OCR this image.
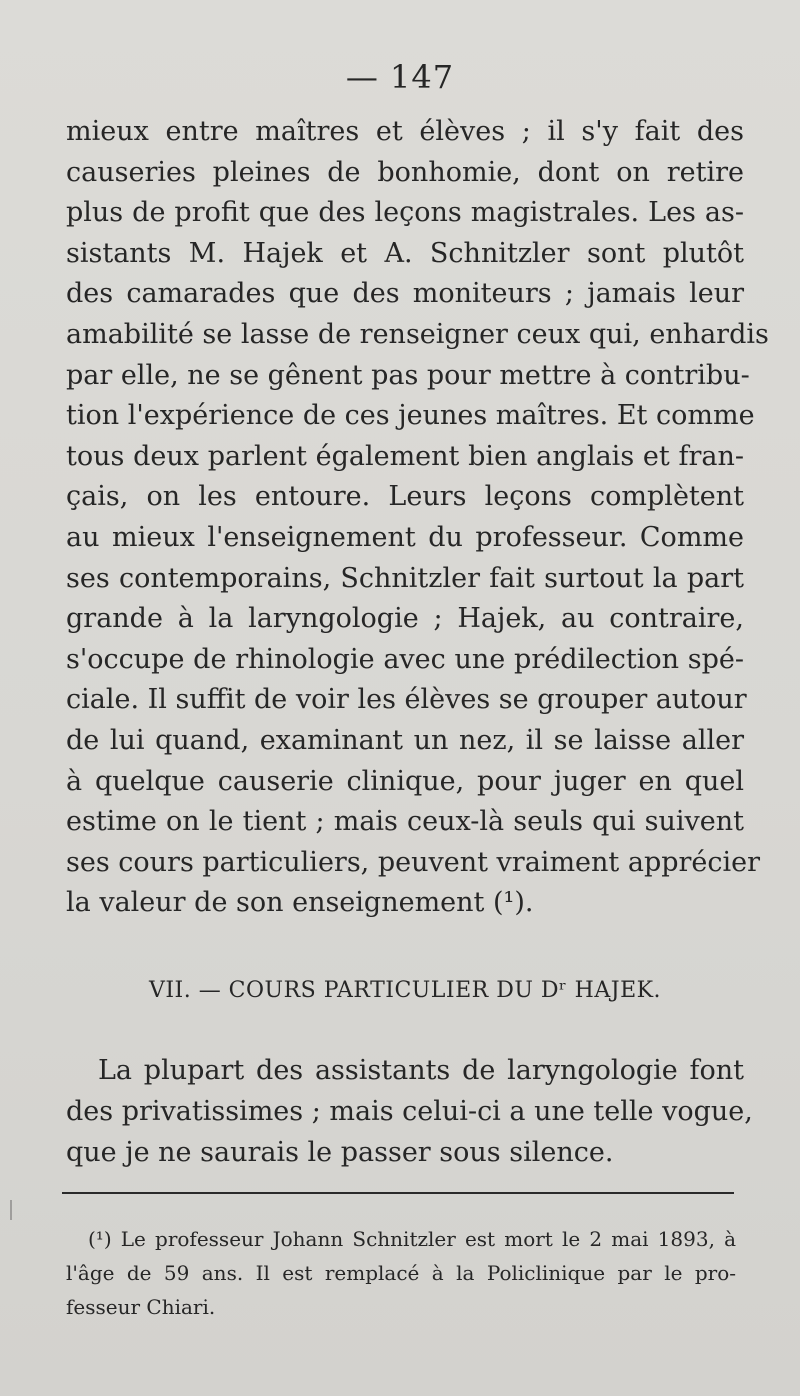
— 147
mieux entre maîtres et élèves ; il s'y fait des
causeries pleines de bonhomie, dont on retire
plus de profit que des leçons magistrales. Les as-
sistants M. Hajek et A. Schnitzler sont plutôt
des camarades que des moniteurs ; jamais leur
amabilité se lasse de renseigner ceux qui, enhardis
par elle, ne se gênent pas pour mettre à contribu-
tion l'expérience de ces jeunes maîtres. Et comme
tous deux parlent également bien anglais et fran-
çais, on les entoure. Leurs leçons complètent
au mieux l'enseignement du professeur. Comme
ses contemporains, Schnitzler fait surtout la part
grande à la laryngologie ; Hajek, au contraire,
s'occupe de rhinologie avec une prédilection spé-
ciale. Il suffit de voir les élèves se grouper autour
de lui quand, examinant un nez, il se laisse aller
à quelque causerie clinique, pour juger en quel
estime on le tient ; mais ceux-là seuls qui suivent
ses cours particuliers, peuvent vraiment apprécier
la valeur de son enseignement (¹).
VII. — COURS PARTICULIER DU Dʳ HAJEK.
La plupart des assistants de laryngologie font
des privatissimes ; mais celui-ci a une telle vogue,
que je ne saurais le passer sous silence.
(¹) Le professeur Johann Schnitzler est mort le 2 mai 1893, à
l'âge de 59 ans. Il est remplacé à la Policlinique par le pro-
fesseur Chiari.
